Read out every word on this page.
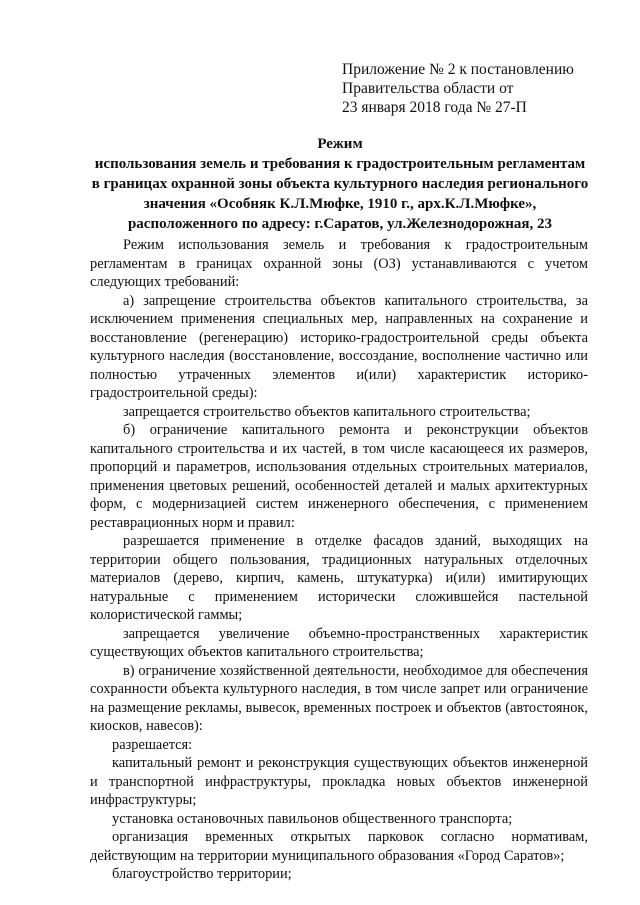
Приложение № 2 к постановлению
Правительства области от
23 января 2018 года № 27-П
Режим
использования земель и требования к градостроительным регламентам
в границах охранной зоны объекта культурного наследия регионального
значения «Особняк К.Л.Мюфке, 1910 г., арх.К.Л.Мюфке»,
расположенного по адресу: г.Саратов, ул.Железнодорожная, 23

Режим использования земель и требования к градостроительным регламентам в границах охранной зоны (ОЗ) устанавливаются с учетом следующих требований:

а) запрещение строительства объектов капитального строительства, за исключением применения специальных мер, направленных на сохранение и восстановление (регенерацию) историко-градостроительной среды объекта культурного наследия (восстановление, воссоздание, восполнение частично или полностью утраченных элементов и(или) характеристик историко-градостроительной среды):

запрещается строительство объектов капитального строительства;

б) ограничение капитального ремонта и реконструкции объектов капитального строительства и их частей, в том числе касающееся их размеров, пропорций и параметров, использования отдельных строительных материалов, применения цветовых решений, особенностей деталей и малых архитектурных форм, с модернизацией систем инженерного обеспечения, с применением реставрационных норм и правил:

разрешается применение в отделке фасадов зданий, выходящих на территории общего пользования, традиционных натуральных отделочных материалов (дерево, кирпич, камень, штукатурка) и(или) имитирующих натуральные с применением исторически сложившейся пастельной колористической гаммы;

запрещается увеличение объемно-пространственных характеристик существующих объектов капитального строительства;

в) ограничение хозяйственной деятельности, необходимое для обеспечения сохранности объекта культурного наследия, в том числе запрет или ограничение на размещение рекламы, вывесок, временных построек и объектов (автостоянок, киосков, навесов):

разрешается:

капитальный ремонт и реконструкция существующих объектов инженерной и транспортной инфраструктуры, прокладка новых объектов инженерной инфраструктуры;

установка остановочных павильонов общественного транспорта;

организация временных открытых парковок согласно нормативам, действующим на территории муниципального образования «Город Саратов»;

благоустройство территории;
